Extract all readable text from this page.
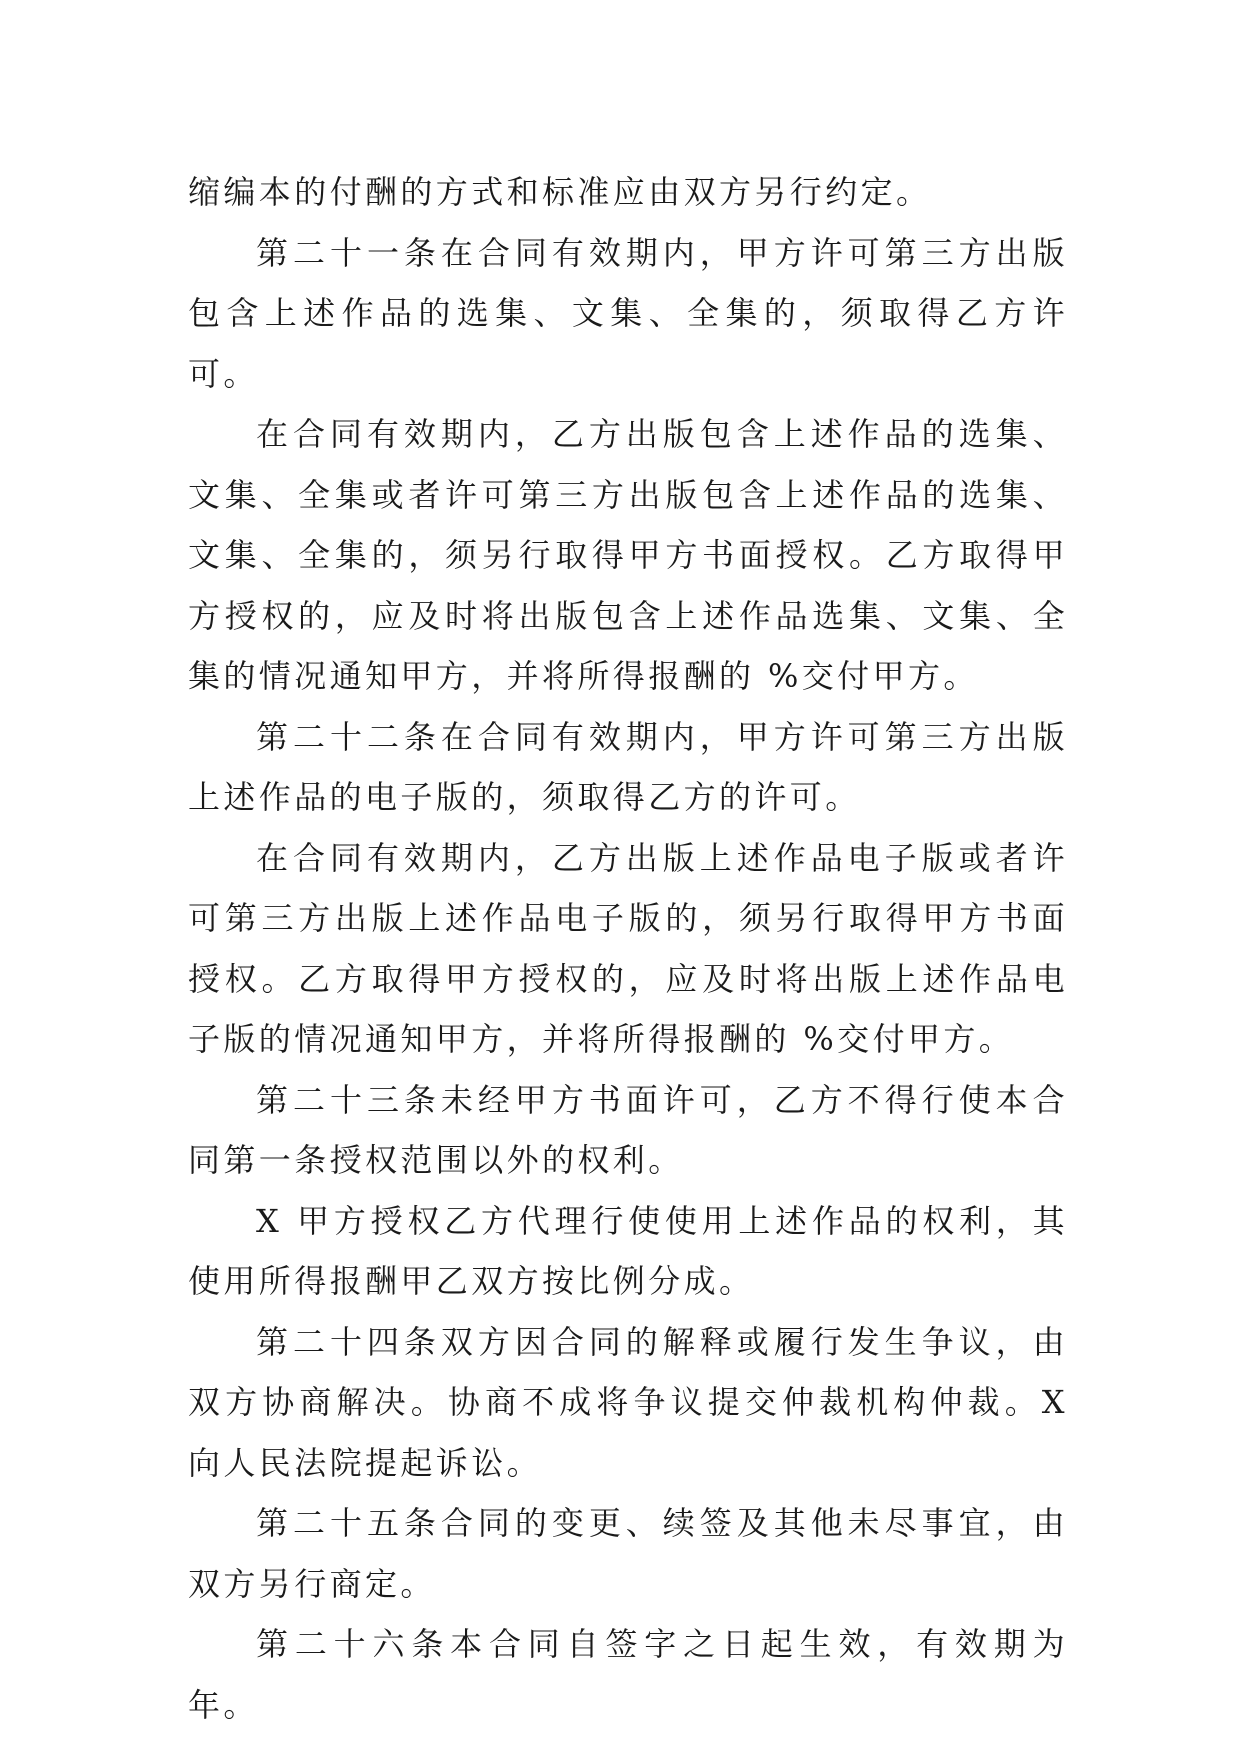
缩编本的付酬的方式和标准应由双方另行约定。

第二十一条在合同有效期内，甲方许可第三方出版包含上述作品的选集、文集、全集的，须取得乙方许可。

在合同有效期内，乙方出版包含上述作品的选集、文集、全集或者许可第三方出版包含上述作品的选集、文集、全集的，须另行取得甲方书面授权。乙方取得甲方授权的，应及时将出版包含上述作品选集、文集、全集的情况通知甲方，并将所得报酬的 %交付甲方。

第二十二条在合同有效期内，甲方许可第三方出版上述作品的电子版的，须取得乙方的许可。

在合同有效期内，乙方出版上述作品电子版或者许可第三方出版上述作品电子版的，须另行取得甲方书面授权。乙方取得甲方授权的，应及时将出版上述作品电子版的情况通知甲方，并将所得报酬的 %交付甲方。

第二十三条未经甲方书面许可，乙方不得行使本合同第一条授权范围以外的权利。

X 甲方授权乙方代理行使使用上述作品的权利，其使用所得报酬甲乙双方按比例分成。

第二十四条双方因合同的解释或履行发生争议，由双方协商解决。协商不成将争议提交仲裁机构仲裁。X 向人民法院提起诉讼。

第二十五条合同的变更、续签及其他未尽事宜，由双方另行商定。

第二十六条本合同自签字之日起生效，有效期为 年。
